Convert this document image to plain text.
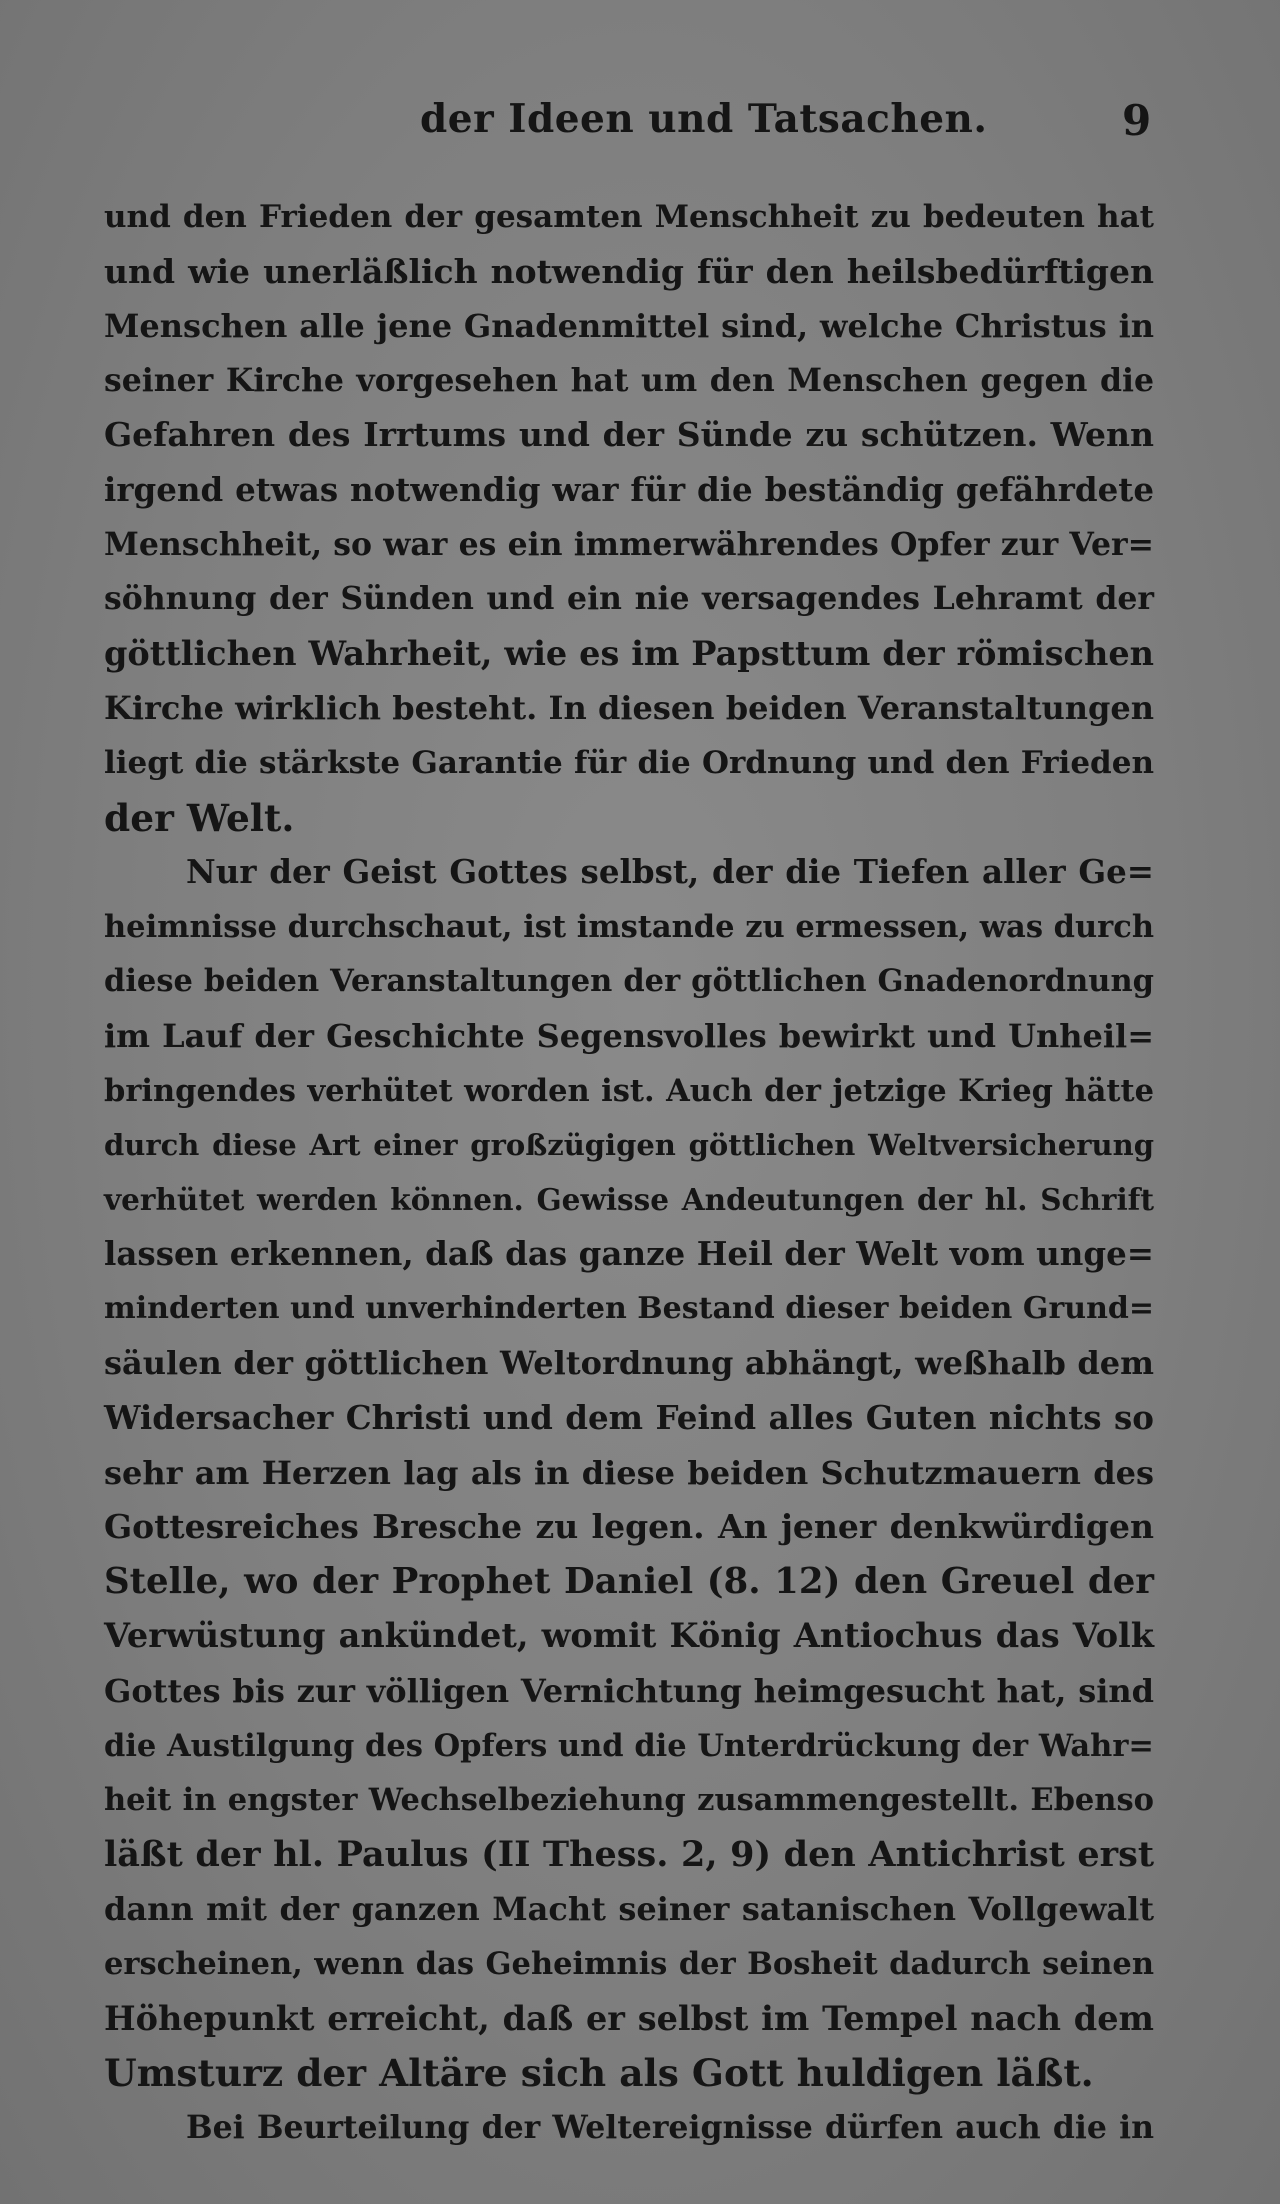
der Ideen und Tatsachen.	9
und den Frieden der gesamten Menschheit zu bedeuten hat
und wie unerläßlich notwendig für den heilsbedürftigen
Menschen alle jene Gnadenmittel sind, welche Christus in
seiner Kirche vorgesehen hat um den Menschen gegen die
Gefahren des Irrtums und der Sünde zu schützen. Wenn
irgend etwas notwendig war für die beständig gefährdete
Menschheit, so war es ein immerwährendes Opfer zur Ver=
söhnung der Sünden und ein nie versagendes Lehramt der
göttlichen Wahrheit, wie es im Papsttum der römischen
Kirche wirklich besteht. In diesen beiden Veranstaltungen
liegt die stärkste Garantie für die Ordnung und den Frieden
der Welt.
Nur der Geist Gottes selbst, der die Tiefen aller Ge=
heimnisse durchschaut, ist imstande zu ermessen, was durch
diese beiden Veranstaltungen der göttlichen Gnadenordnung
im Lauf der Geschichte Segensvolles bewirkt und Unheil=
bringendes verhütet worden ist. Auch der jetzige Krieg hätte
durch diese Art einer großzügigen göttlichen Weltversicherung
verhütet werden können. Gewisse Andeutungen der hl. Schrift
lassen erkennen, daß das ganze Heil der Welt vom unge=
minderten und unverhinderten Bestand dieser beiden Grund=
säulen der göttlichen Weltordnung abhängt, weßhalb dem
Widersacher Christi und dem Feind alles Guten nichts so
sehr am Herzen lag als in diese beiden Schutzmauern des
Gottesreiches Bresche zu legen. An jener denkwürdigen
Stelle, wo der Prophet Daniel (8. 12) den Greuel der
Verwüstung ankündet, womit König Antiochus das Volk
Gottes bis zur völligen Vernichtung heimgesucht hat, sind
die Austilgung des Opfers und die Unterdrückung der Wahr=
heit in engster Wechselbeziehung zusammengestellt. Ebenso
läßt der hl. Paulus (II Thess. 2, 9) den Antichrist erst
dann mit der ganzen Macht seiner satanischen Vollgewalt
erscheinen, wenn das Geheimnis der Bosheit dadurch seinen
Höhepunkt erreicht, daß er selbst im Tempel nach dem
Umsturz der Altäre sich als Gott huldigen läßt.
Bei Beurteilung der Weltereignisse dürfen auch die in
